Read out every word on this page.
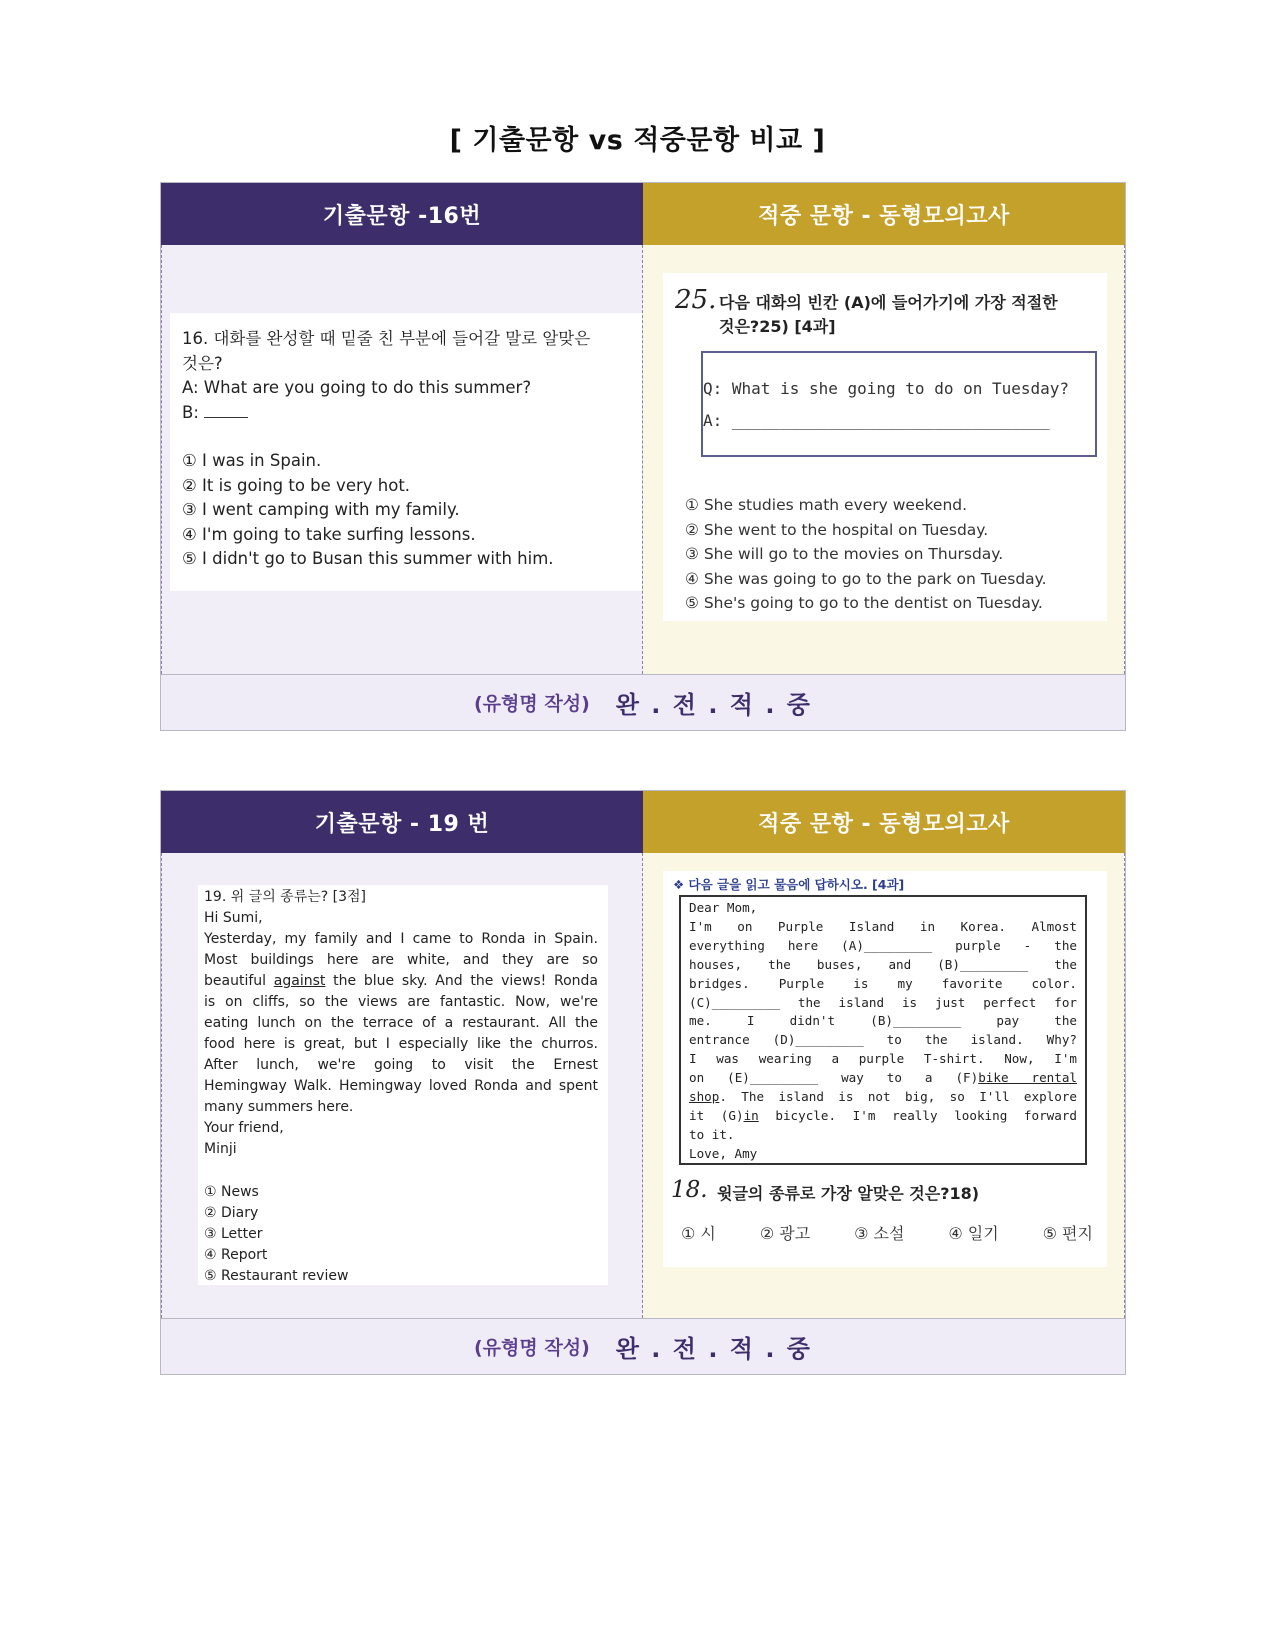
[ 기출문항 vs 적중문항 비교 ]
기출문항 -16번	적중 문항 - 동형모의고사
16. 대화를 완성할 때 밑줄 친 부분에 들어갈 말로 알맞은
것은?
A: What are you going to do this summer?
B:
① I was in Spain.
② It is going to be very hot.
③ I went camping with my family.
④ I'm going to take surfing lessons.
⑤ I didn't go to Busan this summer with him.
25. 다음 대화의 빈칸 (A)에 들어가기에 가장 적절한
것은?25) [4과]
Q: What is she going to do on Tuesday?
A: _________________________________
① She studies math every weekend.
② She went to the hospital on Tuesday.
③ She will go to the movies on Thursday.
④ She was going to go to the park on Tuesday.
⑤ She's going to go to the dentist on Tuesday.
(유형명 작성) 완 . 전 . 적 . 중
기출문항 - 19 번	적중 문항 - 동형모의고사
19. 위 글의 종류는? [3점]
Hi Sumi,
Yesterday, my family and I came to Ronda in Spain.
Most buildings here are white, and they are so
beautiful against the blue sky. And the views! Ronda
is on cliffs, so the views are fantastic. Now, we're
eating lunch on the terrace of a restaurant. All the
food here is great, but I especially like the churros.
After lunch, we're going to visit the Ernest
Hemingway Walk. Hemingway loved Ronda and spent
many summers here.
Your friend,
Minji
① News
② Diary
③ Letter
④ Report
⑤ Restaurant review
❖ 다음 글을 읽고 물음에 답하시오. [4과]
Dear Mom,
I'm on Purple Island in Korea. Almost
everything here (A)_________ purple - the
houses, the buses, and (B)_________ the
bridges. Purple is my favorite color.
(C)_________ the island is just perfect for
me. I didn't (B)_________ pay the
entrance (D)_________ to the island. Why?
I was wearing a purple T-shirt. Now, I'm
on (E)_________ way to a (F)bike rental
shop. The island is not big, so I'll explore
it (G)in bicycle. I'm really looking forward
to it.
Love, Amy
18. 윗글의 종류로 가장 알맞은 것은?18)
① 시	② 광고	③ 소설	④ 일기	⑤ 편지
(유형명 작성) 완 . 전 . 적 . 중
